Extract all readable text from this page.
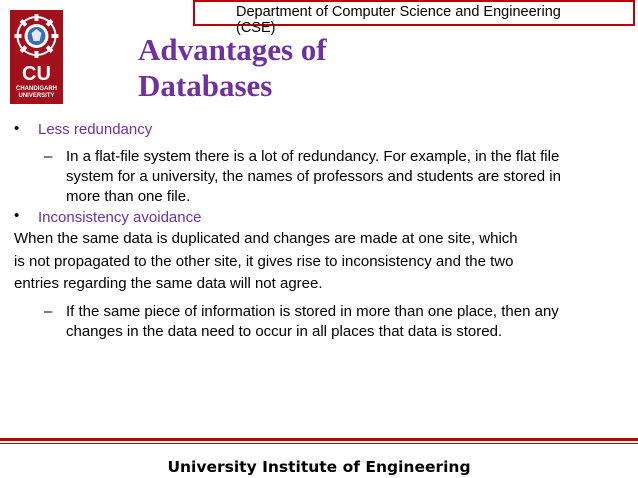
Department of Computer Science and Engineering (CSE)
CU
CHANDIGARH
UNIVERSITY
Advantages of
Databases
• Less redundancy
– In a flat-file system there is a lot of redundancy. For example, in the flat file
system for a university, the names of professors and students are stored in
more than one file.
• Inconsistency avoidance
When the same data is duplicated and changes are made at one site, which
is not propagated to the other site, it gives rise to inconsistency and the two
entries regarding the same data will not agree.
– If the same piece of information is stored in more than one place, then any
changes in the data need to occur in all places that data is stored.
University Institute of Engineering
